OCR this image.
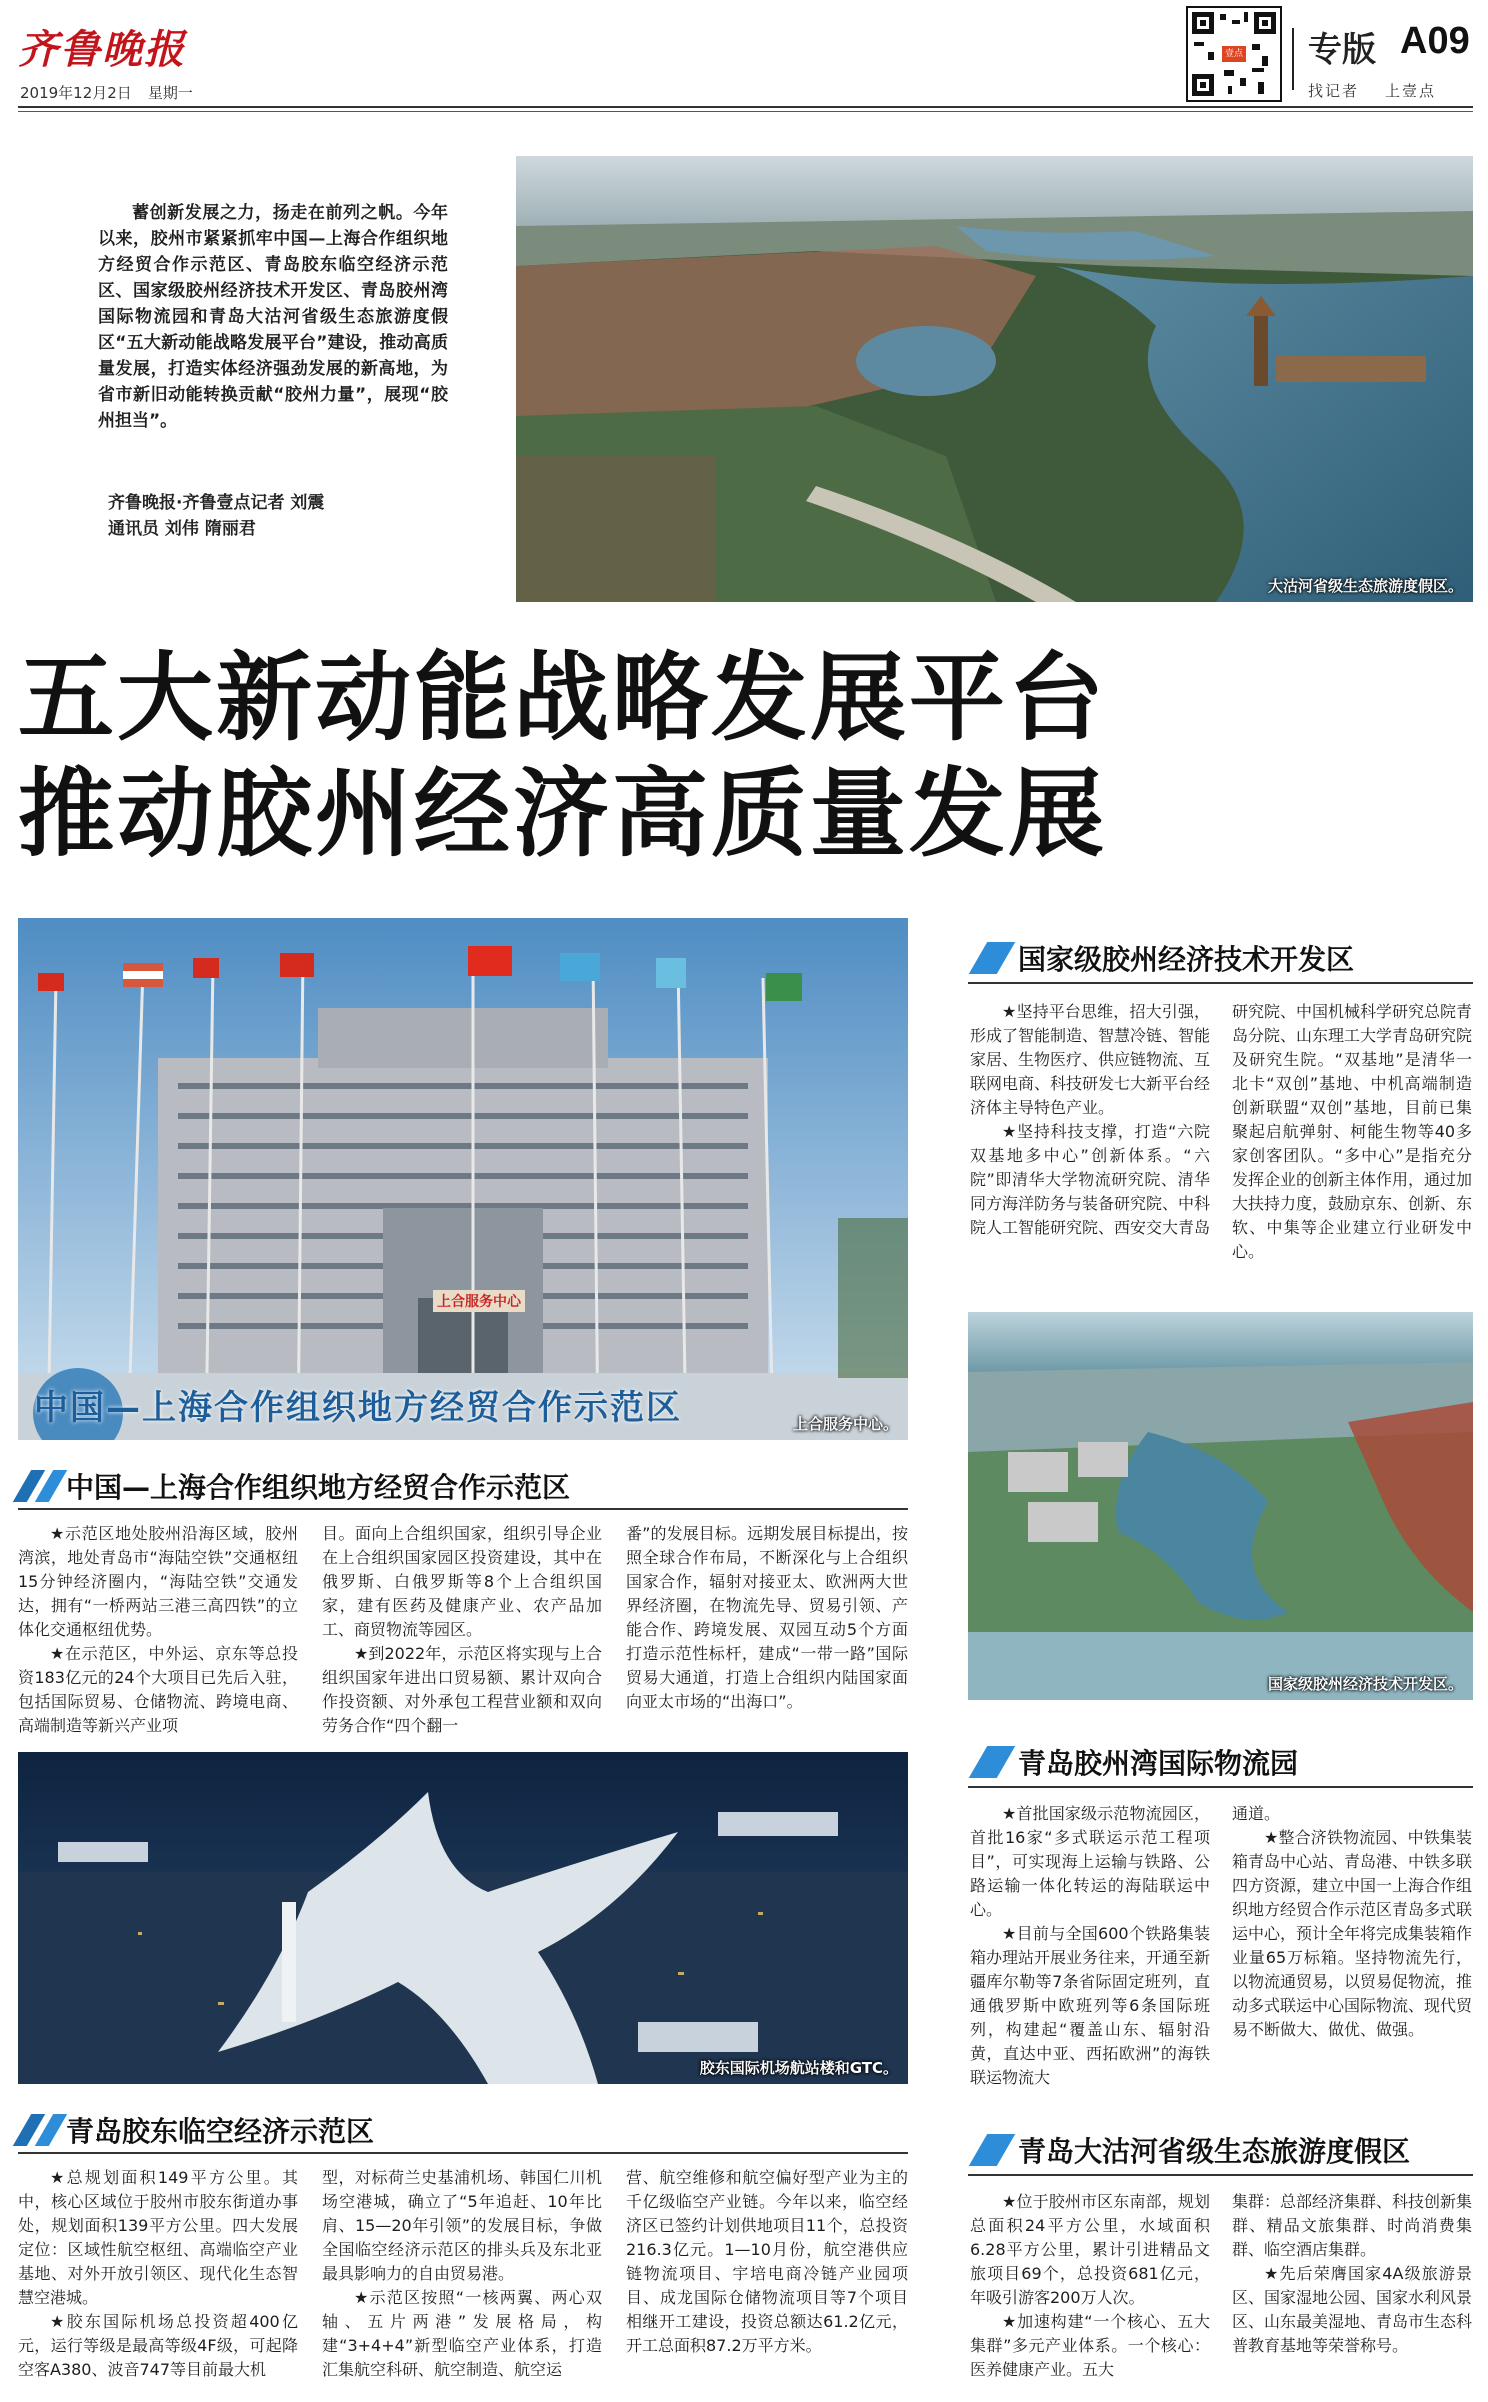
齐鲁晚报
2019年12月2日 星期一
壹点 专版 A09
找记者 上壹点

蓄创新发展之力，扬走在前列之帆。今年以来，胶州市紧紧抓牢中国—上海合作组织地方经贸合作示范区、青岛胶东临空经济示范区、国家级胶州经济技术开发区、青岛胶州湾国际物流园和青岛大沽河省级生态旅游度假区“五大新动能战略发展平台”建设，推动高质量发展，打造实体经济强劲发展的新高地，为省市新旧动能转换贡献“胶州力量”，展现“胶州担当”。

齐鲁晚报·齐鲁壹点记者 刘震
通讯员 刘伟 隋丽君
大沽河省级生态旅游度假区。
五大新动能战略发展平台
推动胶州经济高质量发展
上合服务中心
中国—上海合作组织地方经贸合作示范区	上合服务中心。
国家级胶州经济技术开发区

★坚持平台思维，招大引强，形成了智能制造、智慧冷链、智能家居、生物医疗、供应链物流、互联网电商、科技研发七大新平台经济体主导特色产业。

★坚持科技支撑，打造“六院双基地多中心”创新体系。“六院”即清华大学物流研究院、清华同方海洋防务与装备研究院、中科院人工智能研究院、西安交大青岛

研究院、中国机械科学研究总院青岛分院、山东理工大学青岛研究院及研究生院。“双基地”是清华一北卡“双创”基地、中机高端制造创新联盟“双创”基地，目前已集聚起启航弹射、柯能生物等40多家创客团队。“多中心”是指充分发挥企业的创新主体作用，通过加大扶持力度，鼓励京东、创新、东软、中集等企业建立行业研发中心。

国家级胶州经济技术开发区。
中国—上海合作组织地方经贸合作示范区

★示范区地处胶州沿海区域，胶州湾滨，地处青岛市“海陆空铁”交通枢纽15分钟经济圈内，“海陆空铁”交通发达，拥有“一桥两站三港三高四铁”的立体化交通枢纽优势。

★在示范区，中外运、京东等总投资183亿元的24个大项目已先后入驻，包括国际贸易、仓储物流、跨境电商、高端制造等新兴产业项

目。面向上合组织国家，组织引导企业在上合组织国家园区投资建设，其中在俄罗斯、白俄罗斯等8个上合组织国家，建有医药及健康产业、农产品加工、商贸物流等园区。

★到2022年，示范区将实现与上合组织国家年进出口贸易额、累计双向合作投资额、对外承包工程营业额和双向劳务合作“四个翻一

番”的发展目标。远期发展目标提出，按照全球合作布局，不断深化与上合组织国家合作，辐射对接亚太、欧洲两大世界经济圈，在物流先导、贸易引领、产能合作、跨境发展、双园互动5个方面打造示范性标杆，建成“一带一路”国际贸易大通道，打造上合组织内陆国家面向亚太市场的“出海口”。

胶东国际机场航站楼和GTC。
青岛胶州湾国际物流园

★首批国家级示范物流园区，首批16家“多式联运示范工程项目”，可实现海上运输与铁路、公路运输一体化转运的海陆联运中心。

★目前与全国600个铁路集装箱办理站开展业务往来，开通至新疆库尔勒等7条省际固定班列，直通俄罗斯中欧班列等6条国际班列，构建起“覆盖山东、辐射沿黄，直达中亚、西拓欧洲”的海铁联运物流大

通道。

★整合济铁物流园、中铁集装箱青岛中心站、青岛港、中铁多联四方资源，建立中国一上海合作组织地方经贸合作示范区青岛多式联运中心，预计全年将完成集装箱作业量65万标箱。坚持物流先行，以物流通贸易，以贸易促物流，推动多式联运中心国际物流、现代贸易不断做大、做优、做强。

青岛胶东临空经济示范区

★总规划面积149平方公里。其中，核心区域位于胶州市胶东街道办事处，规划面积139平方公里。四大发展定位：区域性航空枢纽、高端临空产业基地、对外开放引领区、现代化生态智慧空港城。

★胶东国际机场总投资超400亿元，运行等级是最高等级4F级，可起降空客A380、波音747等目前最大机

型，对标荷兰史基浦机场、韩国仁川机场空港城，确立了“5年追赶、10年比肩、15—20年引领”的发展目标，争做全国临空经济示范区的排头兵及东北亚最具影响力的自由贸易港。

★示范区按照“一核两翼、两心双轴、五片两港”发展格局，构建“3+4+4”新型临空产业体系，打造汇集航空科研、航空制造、航空运

营、航空维修和航空偏好型产业为主的千亿级临空产业链。今年以来，临空经济区已签约计划供地项目11个，总投资216.3亿元。1—10月份，航空港供应链物流项目、宇培电商冷链产业园项目、成龙国际仓储物流项目等7个项目相继开工建设，投资总额达61.2亿元，开工总面积87.2万平方米。

青岛大沽河省级生态旅游度假区

★位于胶州市区东南部，规划总面积24平方公里，水域面积6.28平方公里，累计引进精品文旅项目69个，总投资681亿元，年吸引游客200万人次。

★加速构建“一个核心、五大集群”多元产业体系。一个核心：医养健康产业。五大

集群：总部经济集群、科技创新集群、精品文旅集群、时尚消费集群、临空酒店集群。

★先后荣膺国家4A级旅游景区、国家湿地公园、国家水利风景区、山东最美湿地、青岛市生态科普教育基地等荣誉称号。
